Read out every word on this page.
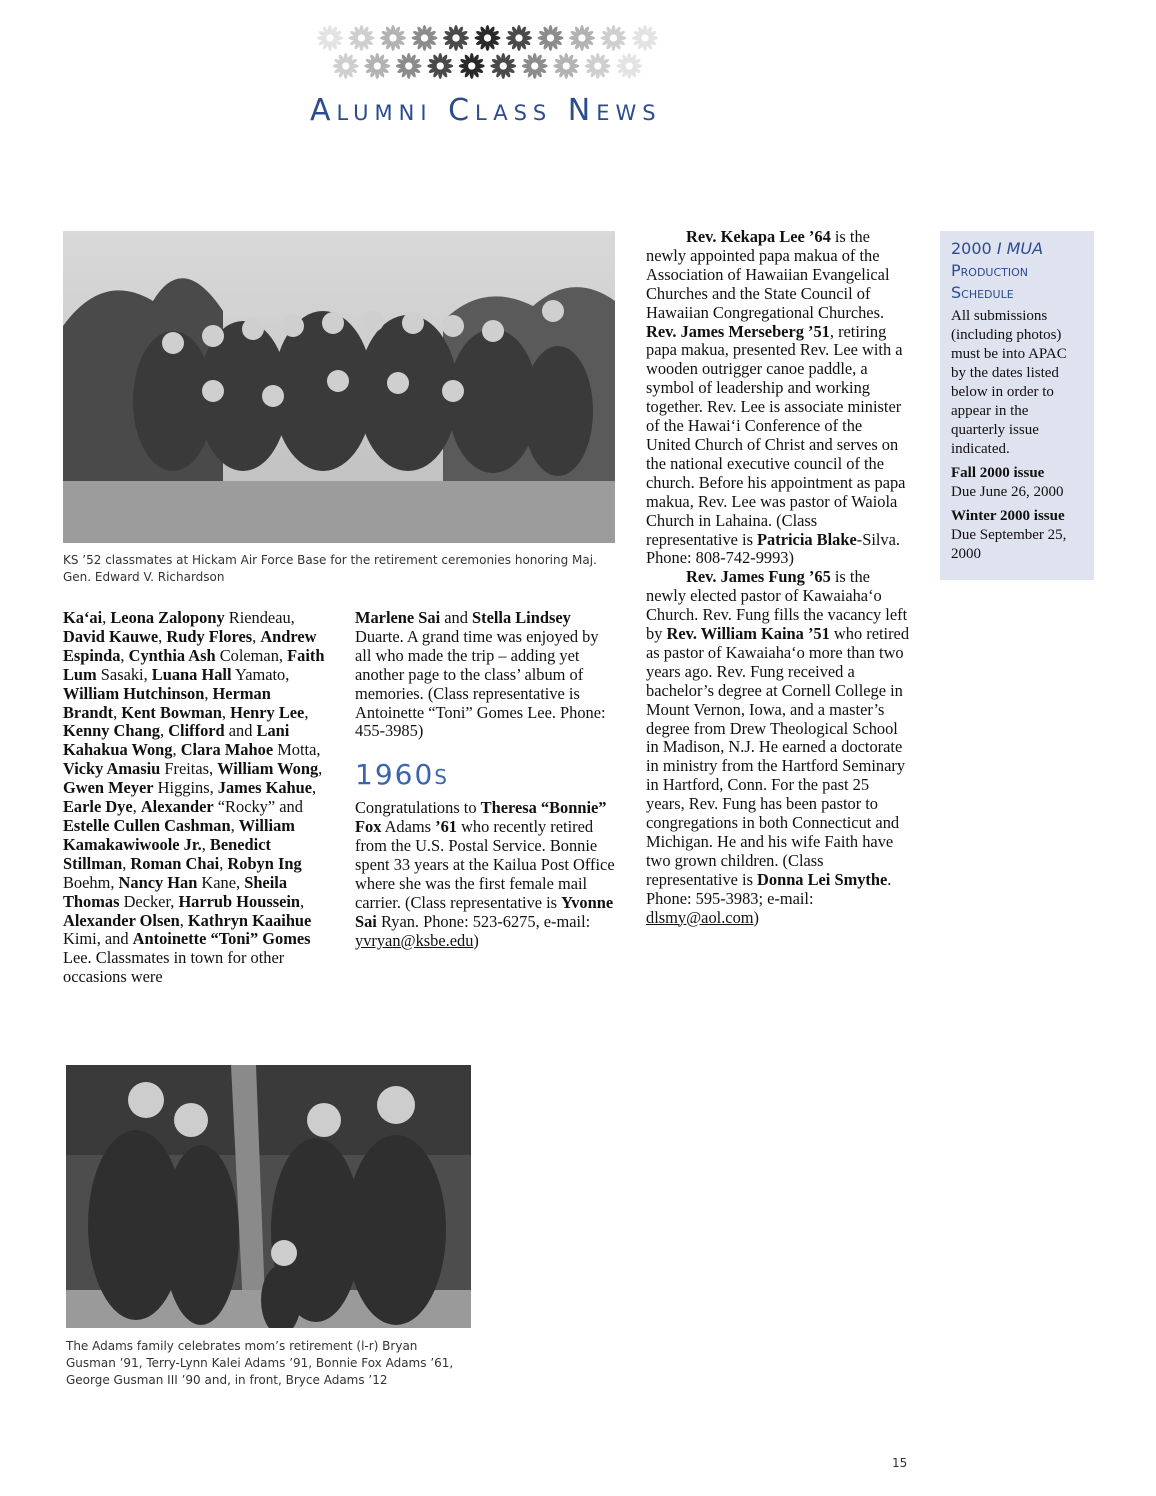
Alumni Class News

KS ’52 classmates at Hickam Air Force Base for the retirement ceremonies honoring Maj. Gen. Edward V. Richardson

Ka‘ai, Leona Zalopony Riendeau, David Kauwe, Rudy Flores, Andrew Espinda, Cynthia Ash Coleman, Faith Lum Sasaki, Luana Hall Yamato, William Hutchinson, Herman Brandt, Kent Bowman, Henry Lee, Kenny Chang, Clifford and Lani Kahakua Wong, Clara Mahoe Motta, Vicky Amasiu Freitas, William Wong, Gwen Meyer Higgins, James Kahue, Earle Dye, Alexander “Rocky” and Estelle Cullen Cashman, William Kamakawiwoole Jr., Benedict Stillman, Roman Chai, Robyn Ing Boehm, Nancy Han Kane, Sheila Thomas Decker, Harrub Houssein, Alexander Olsen, Kathryn Kaaihue Kimi, and Antoinette “Toni” Gomes Lee. Classmates in town for other occasions were

Marlene Sai and Stella Lindsey Duarte. A grand time was enjoyed by all who made the trip – adding yet another page to the class’ album of memories. (Class representative is Antoinette “Toni” Gomes Lee. Phone: 455-3985)

1960S

Congratulations to Theresa “Bonnie” Fox Adams ’61 who recently retired from the U.S. Postal Service. Bonnie spent 33 years at the Kailua Post Office where she was the first female mail carrier. (Class representative is Yvonne Sai Ryan. Phone: 523-6275, e-mail: yvryan@ksbe.edu)

Rev. Kekapa Lee ’64 is the newly appointed papa makua of the Association of Hawaiian Evangelical Churches and the State Council of Hawaiian Congregational Churches. Rev. James Merseberg ’51, retiring papa makua, presented Rev. Lee with a wooden outrigger canoe paddle, a symbol of leadership and working together. Rev. Lee is associate minister of the Hawai‘i Conference of the United Church of Christ and serves on the national executive council of the church. Before his appointment as papa makua, Rev. Lee was pastor of Waiola Church in Lahaina. (Class representative is Patricia Blake-Silva. Phone: 808-742-9993)

Rev. James Fung ’65 is the newly elected pastor of Kawaiaha‘o Church. Rev. Fung fills the vacancy left by Rev. William Kaina ’51 who retired as pastor of Kawaiaha‘o more than two years ago. Rev. Fung received a bachelor’s degree at Cornell College in Mount Vernon, Iowa, and a master’s degree from Drew Theological School in Madison, N.J. He earned a doctorate in ministry from the Hartford Seminary in Hartford, Conn. For the past 25 years, Rev. Fung has been pastor to congregations in both Connecticut and Michigan. He and his wife Faith have two grown children. (Class representative is Donna Lei Smythe. Phone: 595-3983; e-mail: dlsmy@aol.com)

2000 I MUA
Production Schedule

All submissions (including photos) must be into APAC by the dates listed below in order to appear in the quarterly issue indicated.

Fall 2000 issue

Due June 26, 2000

Winter 2000 issue

Due September 25, 2000

The Adams family celebrates mom’s retirement (l-r) Bryan Gusman ’91, Terry-Lynn Kalei Adams ’91, Bonnie Fox Adams ’61, George Gusman III ’90 and, in front, Bryce Adams ’12

15
